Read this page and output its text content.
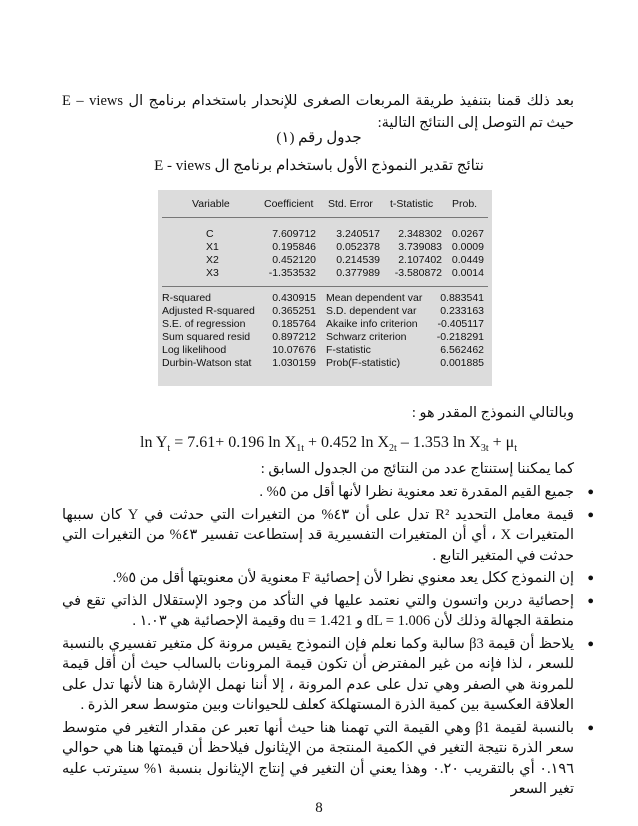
بعد ذلك قمنا بتنفيذ طريقة المربعات الصغرى للإنحدار باستخدام برنامج ال E – views حيث تم التوصل إلى النتائج التالية:
جدول رقم (١)
نتائج تقدير النموذج الأول باستخدام برنامج ال E - views
Variable	Coefficient Std. Error t-Statistic Prob.
C	7.609712	3.240517	2.348302 0.0267
X1	0.195846	0.052378	3.739083 0.0009
X2	0.452120	0.214539	2.107402 0.0449
X3	-1.353532	0.377989	-3.580872 0.0014
R-squared	0.430915 Mean dependent var	0.883541
Adjusted R-squared	0.365251 S.D. dependent var	0.233163
S.E. of regression	0.185764 Akaike info criterion	-0.405117
Sum squared resid	0.897212 Schwarz criterion	-0.218291
Log likelihood	10.07676 F-statistic	6.562462
Durbin-Watson stat	1.030159 Prob(F-statistic)	0.001885
وبالتالي النموذج المقدر هو :
$\ln Y_t = 7.61+ 0.196$ $\ln X_{1t} + 0.452$ $\ln X_{2t} - 1.353$ $\ln X_{3t} + \mu_t$
كما يمكننا إستنتاج عدد من النتائج من الجدول السابق :
● جميع القيم المقدرة تعد معنوية نظرا لأنها أقل من ٥% .
● قيمة معامل التحديد R² تدل على أن ٤٣% من التغيرات التي حدثت في Y كان سببها المتغيرات X ، أي أن المتغيرات التفسيرية قد إستطاعت تفسير ٤٣% من التغيرات التي حدثت في المتغير التابع .
● إن النموذج ككل يعد معنوي نظرا لأن إحصائية F معنوية لأن معنويتها أقل من ٥%.
● إحصائية دربن واتسون والتي نعتمد عليها في التأكد من وجود الإستقلال الذاتي تقع في منطقة الجهالة وذلك لأن dL = 1.006 و du = 1.421 وقيمة الإحصائية هي ١.٠٣ .
● يلاحظ أن قيمة β3 سالبة وكما نعلم فإن النموذج يقيس مرونة كل متغير تفسيري بالنسبة للسعر ، لذا فإنه من غير المفترض أن تكون قيمة المرونات بالسالب حيث أن أقل قيمة للمرونة هي الصفر وهي تدل على عدم المرونة ، إلا أننا نهمل الإشارة هنا لأنها تدل على العلاقة العكسية بين كمية الذرة المستهلكة كعلف للحيوانات وبين متوسط سعر الذرة .
● بالنسبة لقيمة β1 وهي القيمة التي تهمنا هنا حيث أنها تعبر عن مقدار التغير في متوسط سعر الذرة نتيجة التغير في الكمية المنتجة من الإيثانول فيلاحظ أن قيمتها هنا هي حوالي ٠.١٩٦ أي بالتقريب ٠.٢٠ وهذا يعني أن التغير في إنتاج الإيثانول بنسبة ١% سيترتب عليه تغير السعر
8
